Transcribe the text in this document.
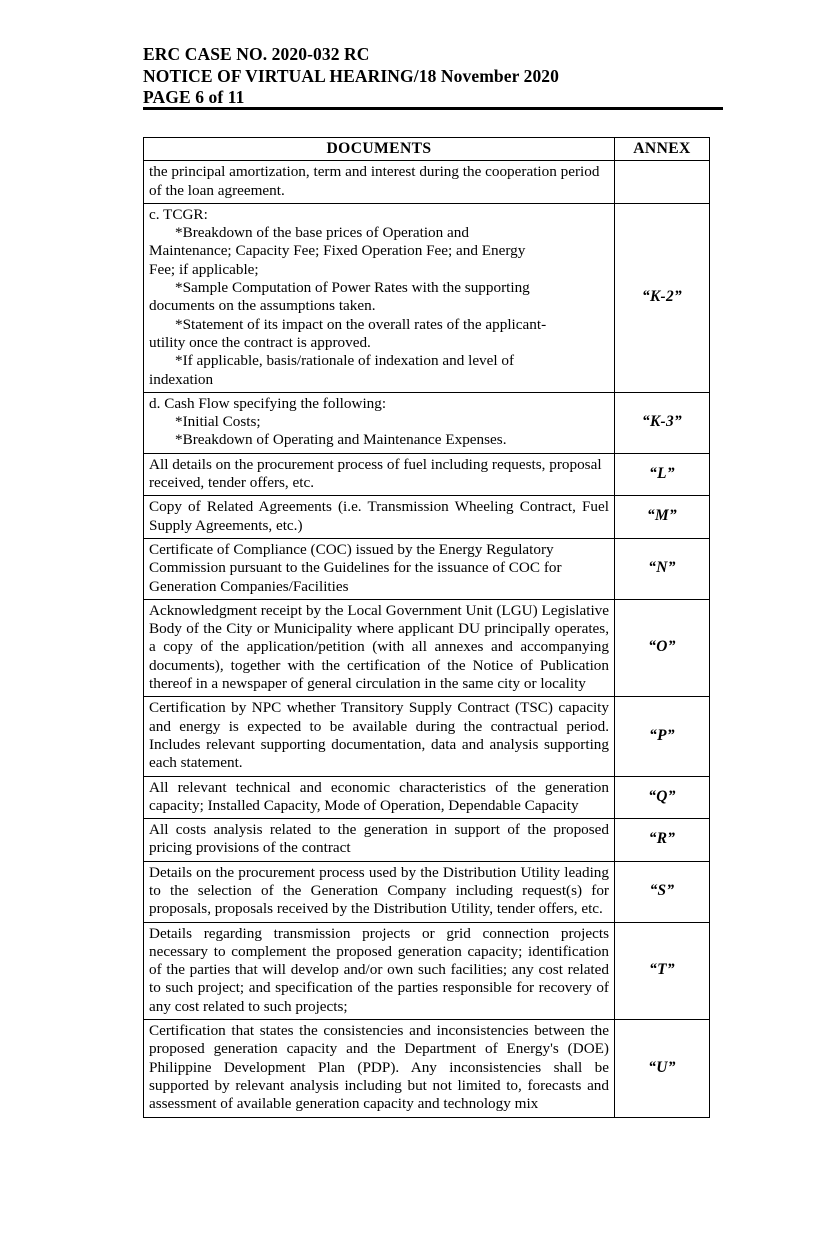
ERC CASE NO. 2020-032 RC
NOTICE OF VIRTUAL HEARING/18 November 2020
PAGE 6 of 11
DOCUMENTS	ANNEX

the principal amortization, term and interest during the cooperation period of the loan agreement.	

c. TCGR:
*Breakdown of the base prices of Operation and
Maintenance; Capacity Fee; Fixed Operation Fee; and Energy
Fee; if applicable;
*Sample Computation of Power Rates with the supporting
documents on the assumptions taken.
*Statement of its impact on the overall rates of the applicant-
utility once the contract is approved.
*If applicable, basis/rationale of indexation and level of
indexation
	“K-2”

d. Cash Flow specifying the following:
*Initial Costs;
*Breakdown of Operating and Maintenance Expenses.	“K-3”

All details on the procurement process of fuel including requests, proposal received, tender offers, etc.	“L”

Copy of Related Agreements (i.e. Transmission Wheeling Contract, Fuel Supply Agreements, etc.)	“M”

Certificate of Compliance (COC) issued by the Energy Regulatory Commission pursuant to the Guidelines for the issuance of COC for Generation Companies/Facilities	“N”

Acknowledgment receipt by the Local Government Unit (LGU) Legislative Body of the City or Municipality where applicant DU principally operates, a copy of the application/petition (with all annexes and accompanying documents), together with the certification of the Notice of Publication thereof in a newspaper of general circulation in the same city or locality	“O”

Certification by NPC whether Transitory Supply Contract (TSC) capacity and energy is expected to be available during the contractual period. Includes relevant supporting documentation, data and analysis supporting each statement.	“P”

All relevant technical and economic characteristics of the generation capacity; Installed Capacity, Mode of Operation, Dependable Capacity	“Q”

All costs analysis related to the generation in support of the proposed pricing provisions of the contract	“R”

Details on the procurement process used by the Distribution Utility leading to the selection of the Generation Company including request(s) for proposals, proposals received by the Distribution Utility, tender offers, etc.	“S”

Details regarding transmission projects or grid connection projects necessary to complement the proposed generation capacity; identification of the parties that will develop and/or own such facilities; any cost related to such project; and specification of the parties responsible for recovery of any cost related to such projects;	“T”

Certification that states the consistencies and inconsistencies between the proposed generation capacity and the Department of Energy's (DOE) Philippine Development Plan (PDP). Any inconsistencies shall be supported by relevant analysis including but not limited to, forecasts and assessment of available generation capacity and technology mix	“U”
